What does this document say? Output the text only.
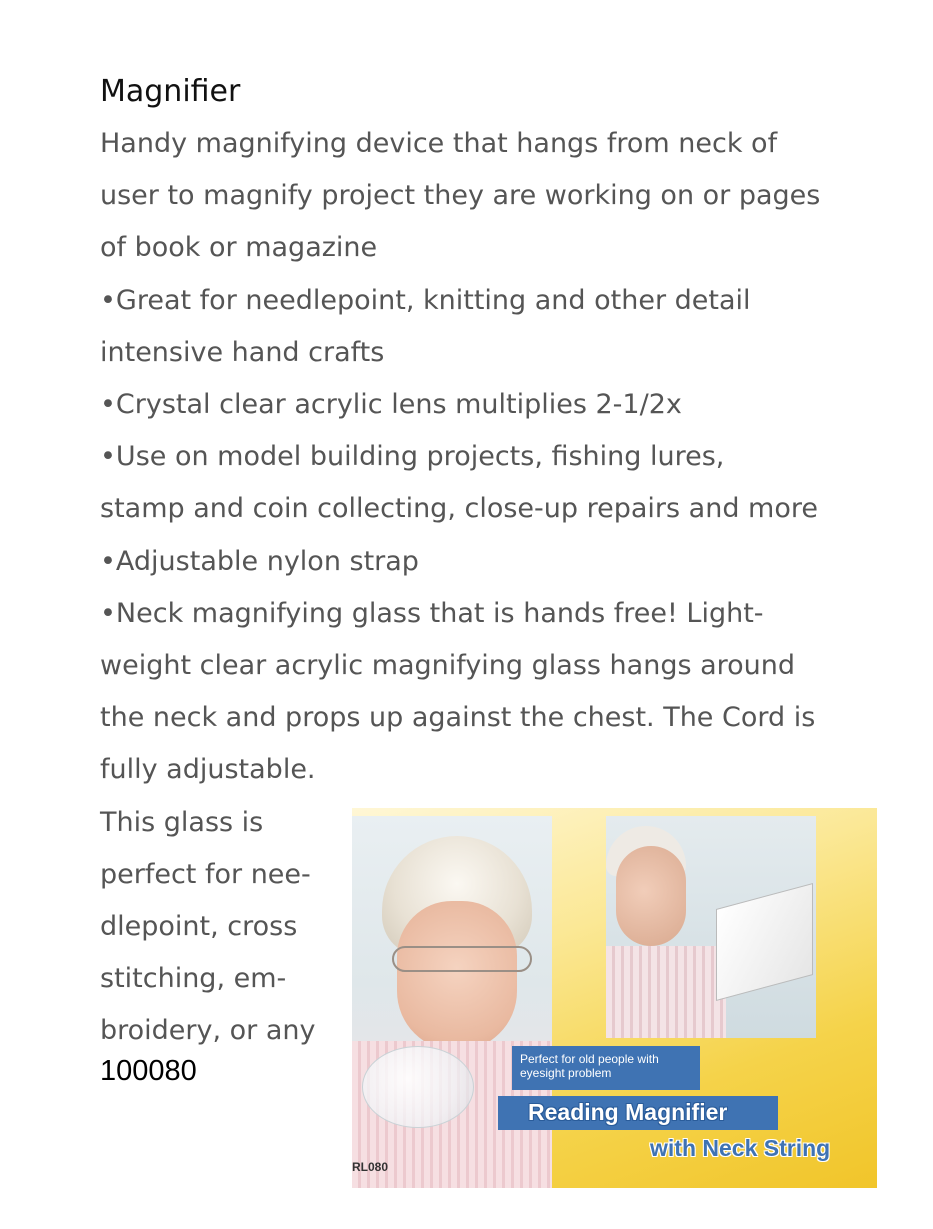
Magnifier
Handy magnifying device that hangs from neck of
user to magnify project they are working on or pages
of book or magazine
•Great for needlepoint, knitting and other detail
intensive hand crafts
•Crystal clear acrylic lens multiplies 2-1/2x
•Use on model building projects, fishing lures,
stamp and coin collecting, close-up repairs and more
•Adjustable nylon strap
•Neck magnifying glass that is hands free! Light-
weight clear acrylic magnifying glass hangs around
the neck and props up against the chest. The Cord is
fully adjustable.
This glass is
perfect for nee-
dlepoint, cross
stitching, em-
broidery, or any
100080	Perfect for old people with
eyesight problem
Reading Magnifier
with Neck String
RL080
